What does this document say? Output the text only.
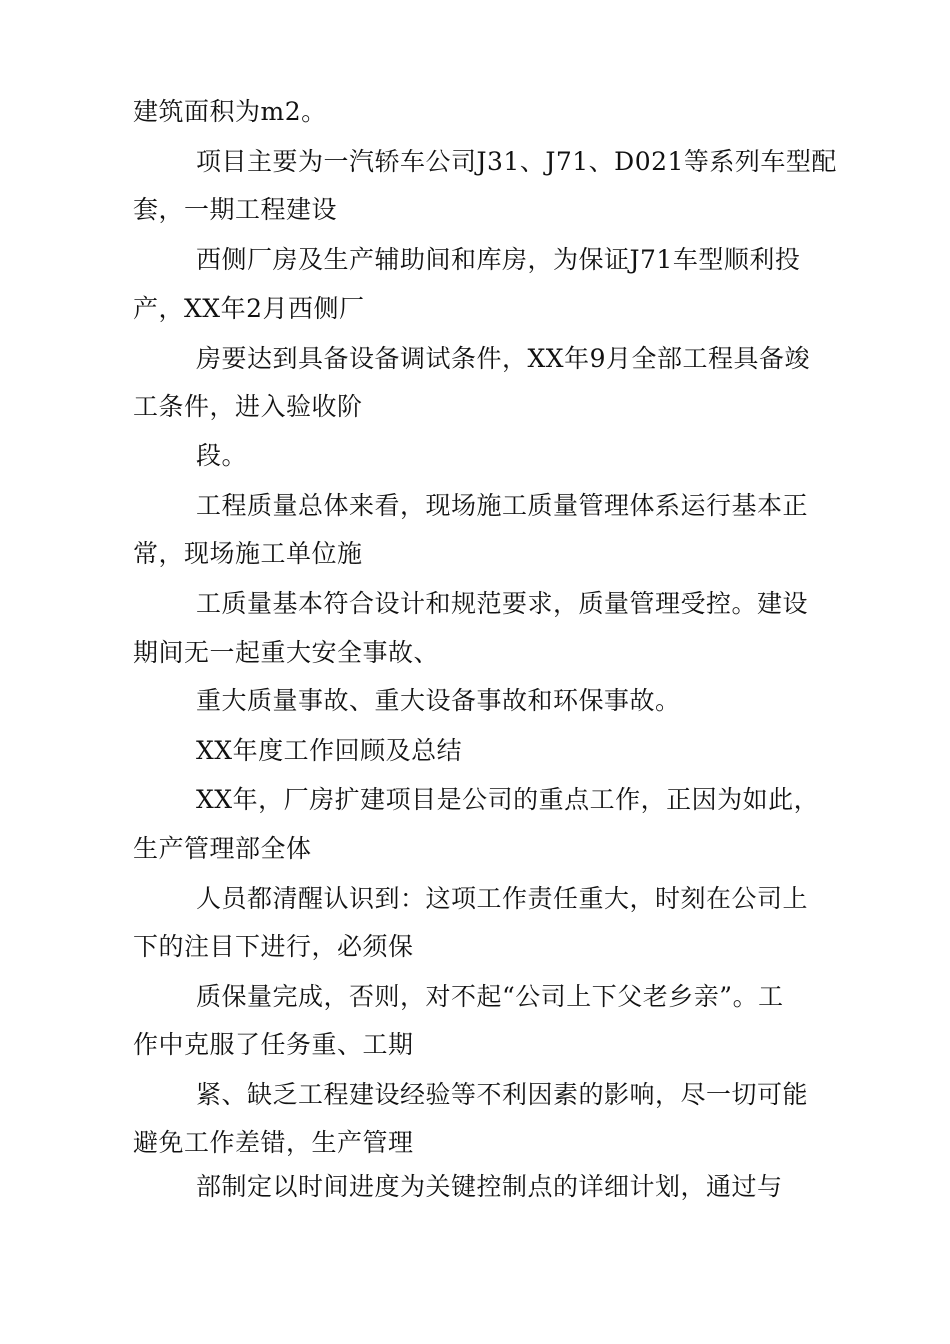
建筑面积为m2。
项目主要为一汽轿车公司J31、J71、D021等系列车型配
套，一期工程建设
西侧厂房及生产辅助间和库房，为保证J71车型顺利投
产，XX年2月西侧厂
房要达到具备设备调试条件，XX年9月全部工程具备竣
工条件，进入验收阶
段。
工程质量总体来看，现场施工质量管理体系运行基本正
常，现场施工单位施
工质量基本符合设计和规范要求，质量管理受控。建设
期间无一起重大安全事故、
重大质量事故、重大设备事故和环保事故。
XX年度工作回顾及总结
XX年，厂房扩建项目是公司的重点工作，正因为如此，
生产管理部全体
人员都清醒认识到：这项工作责任重大，时刻在公司上
下的注目下进行，必须保
质保量完成，否则，对不起“公司上下父老乡亲”。工
作中克服了任务重、工期
紧、缺乏工程建设经验等不利因素的影响，尽一切可能
避免工作差错，生产管理
部制定以时间进度为关键控制点的详细计划，通过与
